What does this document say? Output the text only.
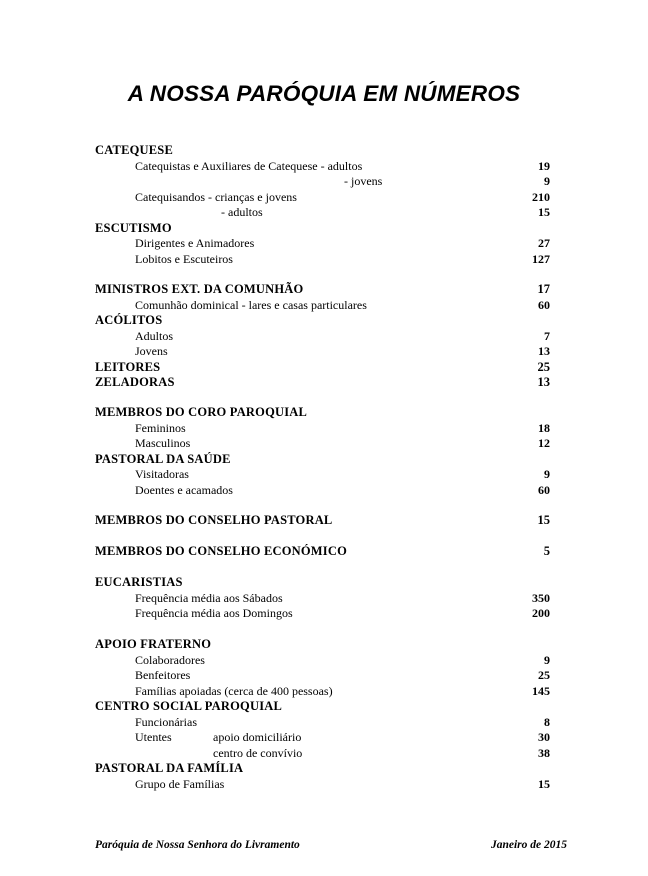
A NOSSA PARÓQUIA EM NÚMEROS
CATEQUESE
Catequistas e Auxiliares de Catequese - adultos	19
- jovens	9
Catequisandos - crianças e jovens	210
- adultos	15
ESCUTISMO
Dirigentes e Animadores	27
Lobitos e Escuteiros	127
MINISTROS EXT. DA COMUNHÃO	17
Comunhão dominical - lares e casas particulares	60
ACÓLITOS
Adultos	7
Jovens	13
LEITORES	25
ZELADORAS	13
MEMBROS DO CORO PAROQUIAL
Femininos	18
Masculinos	12
PASTORAL DA SAÚDE
Visitadoras	9
Doentes e acamados	60
MEMBROS DO CONSELHO PASTORAL	15
MEMBROS DO CONSELHO ECONÓMICO	5
EUCARISTIAS
Frequência média aos Sábados	350
Frequência média aos Domingos	200
APOIO FRATERNO
Colaboradores	9
Benfeitores	25
Famílias apoiadas (cerca de 400 pessoas)	145
CENTRO SOCIAL PAROQUIAL
Funcionárias	8
Utentes	apoio domiciliário	30
centro de convívio	38
PASTORAL DA FAMÍLIA
Grupo de Famílias	15
Paróquia de Nossa Senhora do Livramento	Janeiro de 2015
